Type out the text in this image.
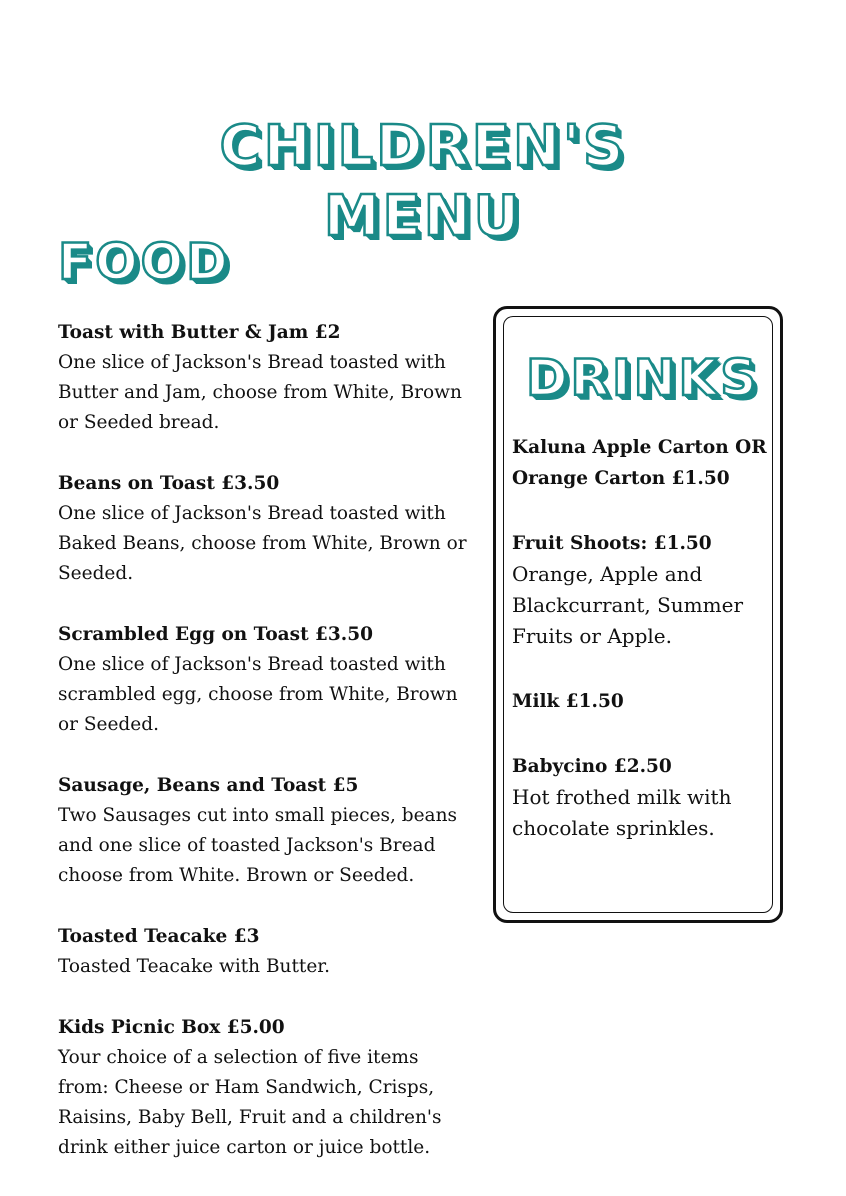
CHILDREN'S
MENU
FOOD
Toast with Butter & Jam £2
One slice of Jackson's Bread toasted with Butter and Jam, choose from White, Brown or Seeded bread.
Beans on Toast £3.50
One slice of Jackson's Bread toasted with Baked Beans, choose from White, Brown or Seeded.
Scrambled Egg on Toast £3.50
One slice of Jackson's Bread toasted with scrambled egg, choose from White, Brown or Seeded.
Sausage, Beans and Toast £5
Two Sausages cut into small pieces, beans and one slice of toasted Jackson's Bread choose from White. Brown or Seeded.
Toasted Teacake £3
Toasted Teacake with Butter.
Kids Picnic Box £5.00
Your choice of a selection of five items from: Cheese or Ham Sandwich, Crisps, Raisins, Baby Bell, Fruit and a children's drink either juice carton or juice bottle.
DRINKS
Kaluna Apple Carton OR Orange Carton £1.50
Fruit Shoots: £1.50
Orange, Apple and Blackcurrant, Summer Fruits or Apple.
Milk £1.50
Babycino £2.50
Hot frothed milk with chocolate sprinkles.
